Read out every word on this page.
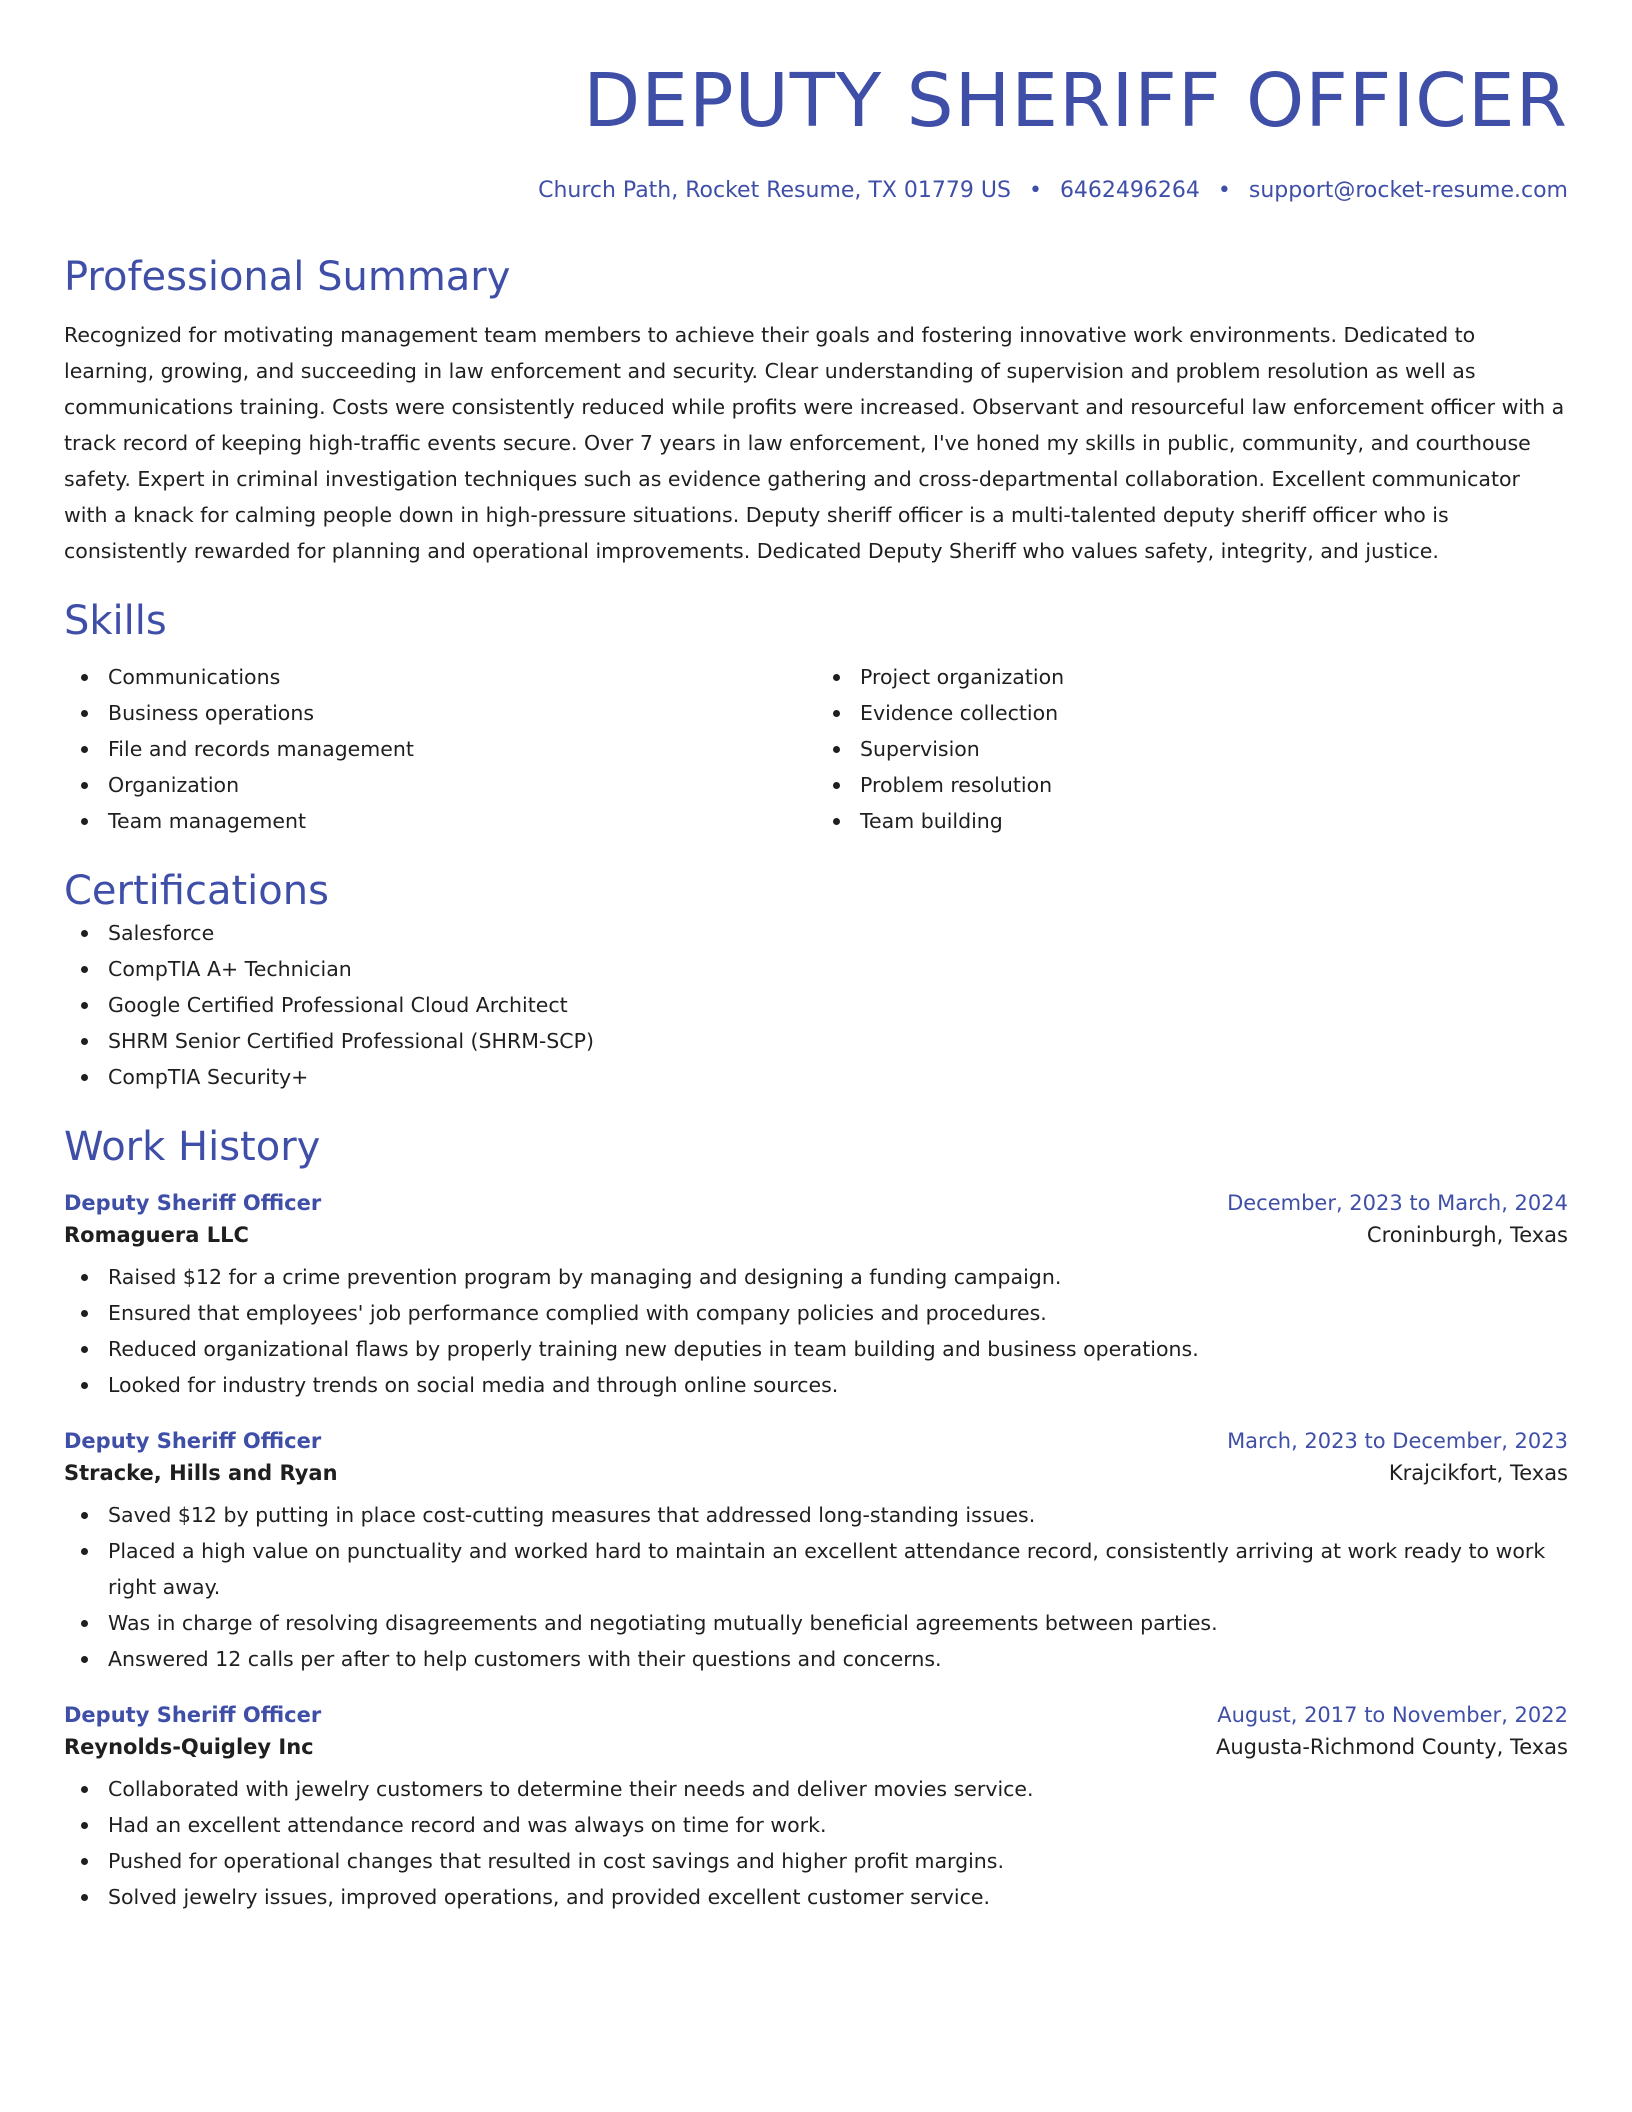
DEPUTY SHERIFF OFFICER
Church Path, Rocket Resume, TX 01779 US • 6462496264 • support@rocket-resume.com
Professional Summary
Recognized for motivating management team members to achieve their goals and fostering innovative work environments. Dedicated to learning, growing, and succeeding in law enforcement and security. Clear understanding of supervision and problem resolution as well as communications training. Costs were consistently reduced while profits were increased. Observant and resourceful law enforcement officer with a track record of keeping high-traffic events secure. Over 7 years in law enforcement, I've honed my skills in public, community, and courthouse safety. Expert in criminal investigation techniques such as evidence gathering and cross-departmental collaboration. Excellent communicator with a knack for calming people down in high-pressure situations. Deputy sheriff officer is a multi-talented deputy sheriff officer who is consistently rewarded for planning and operational improvements. Dedicated Deputy Sheriff who values safety, integrity, and justice.
Skills
Communications
Business operations
File and records management
Organization
Team management
Project organization
Evidence collection
Supervision
Problem resolution
Team building
Certifications
Salesforce
CompTIA A+ Technician
Google Certified Professional Cloud Architect
SHRM Senior Certified Professional (SHRM-SCP)
CompTIA Security+
Work History
Deputy Sheriff Officer	December, 2023 to March, 2024
Romaguera LLC	Croninburgh, Texas
Raised $12 for a crime prevention program by managing and designing a funding campaign.
Ensured that employees' job performance complied with company policies and procedures.
Reduced organizational flaws by properly training new deputies in team building and business operations.
Looked for industry trends on social media and through online sources.
Deputy Sheriff Officer	March, 2023 to December, 2023
Stracke, Hills and Ryan	Krajcikfort, Texas
Saved $12 by putting in place cost-cutting measures that addressed long-standing issues.
Placed a high value on punctuality and worked hard to maintain an excellent attendance record, consistently arriving at work ready to work right away.
Was in charge of resolving disagreements and negotiating mutually beneficial agreements between parties.
Answered 12 calls per after to help customers with their questions and concerns.
Deputy Sheriff Officer	August, 2017 to November, 2022
Reynolds-Quigley Inc	Augusta-Richmond County, Texas
Collaborated with jewelry customers to determine their needs and deliver movies service.
Had an excellent attendance record and was always on time for work.
Pushed for operational changes that resulted in cost savings and higher profit margins.
Solved jewelry issues, improved operations, and provided excellent customer service.
